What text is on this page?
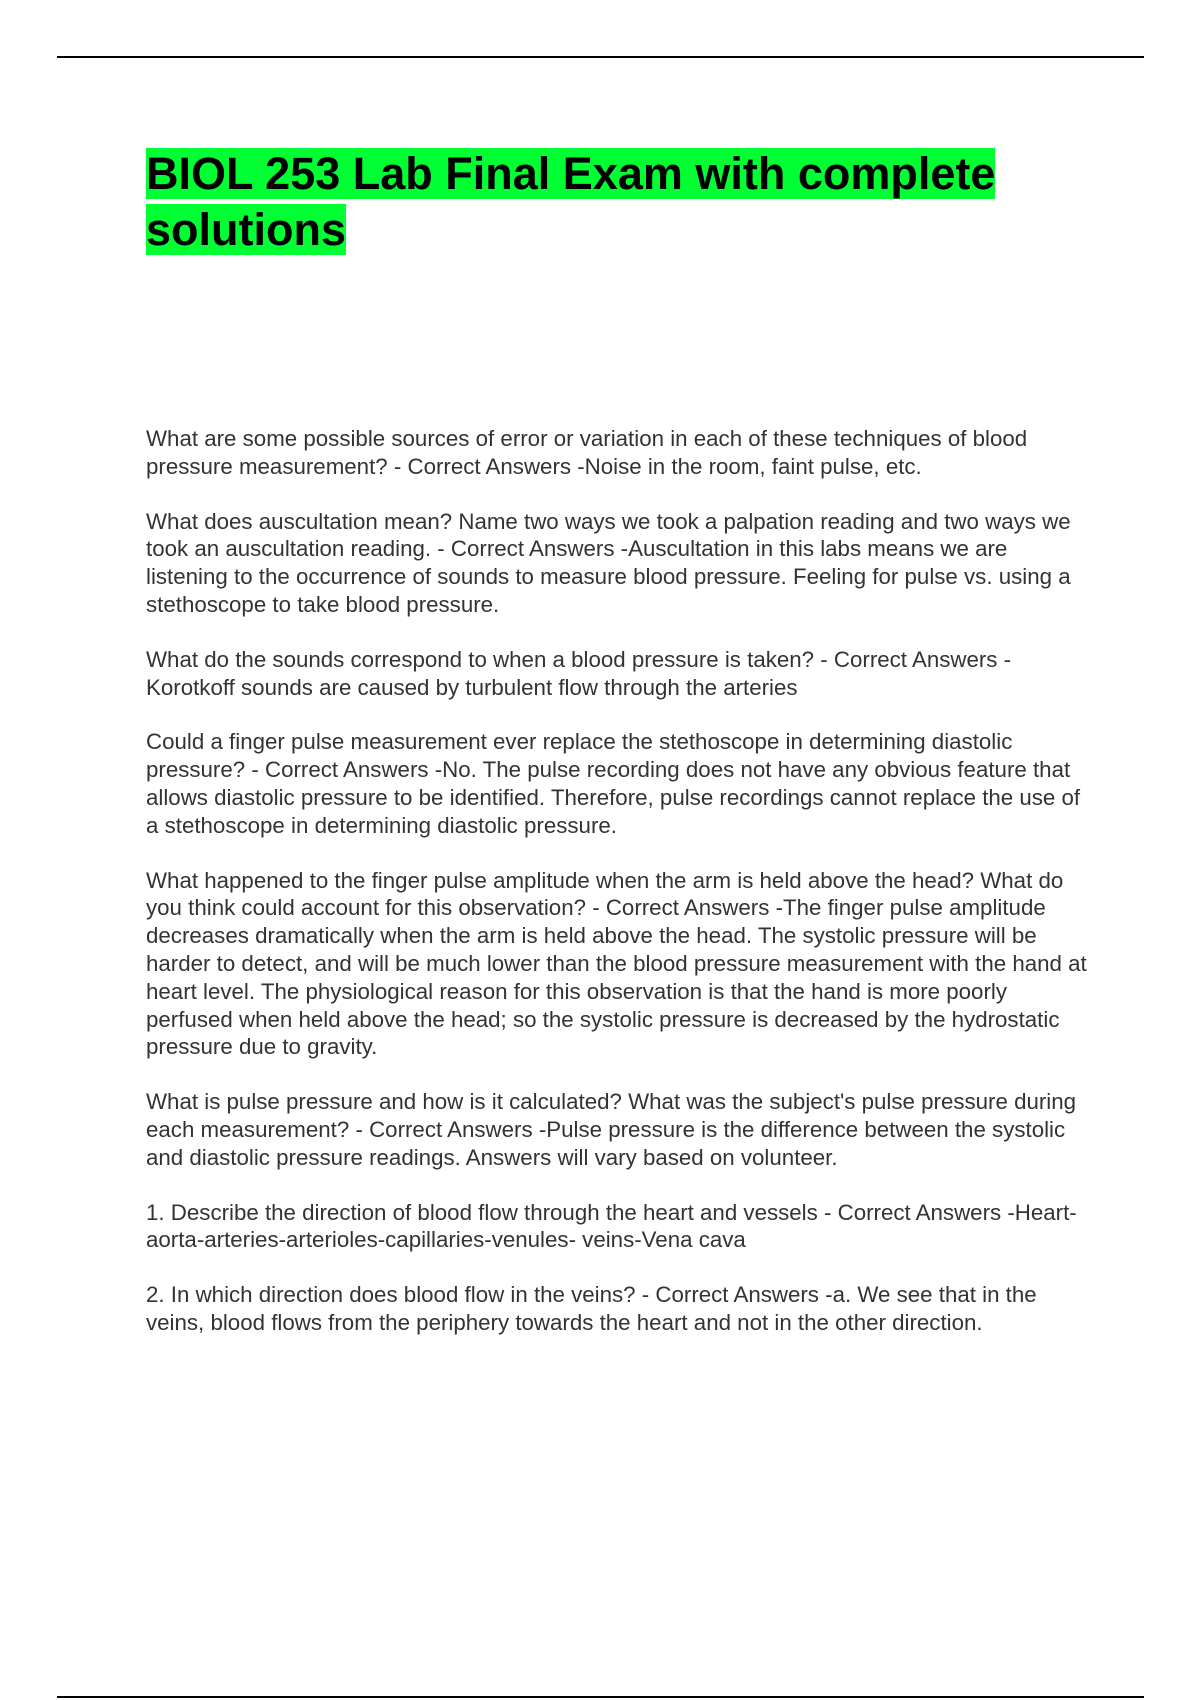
BIOL 253 Lab Final Exam with complete solutions

What are some possible sources of error or variation in each of these techniques of blood pressure measurement? - Correct Answers -Noise in the room, faint pulse, etc.

What does auscultation mean? Name two ways we took a palpation reading and two ways we took an auscultation reading. - Correct Answers -Auscultation in this labs means we are listening to the occurrence of sounds to measure blood pressure. Feeling for pulse vs. using a stethoscope to take blood pressure.

What do the sounds correspond to when a blood pressure is taken? - Correct Answers - Korotkoff sounds are caused by turbulent flow through the arteries

Could a finger pulse measurement ever replace the stethoscope in determining diastolic pressure? - Correct Answers -No. The pulse recording does not have any obvious feature that allows diastolic pressure to be identified. Therefore, pulse recordings cannot replace the use of a stethoscope in determining diastolic pressure.

What happened to the finger pulse amplitude when the arm is held above the head? What do you think could account for this observation? - Correct Answers -The finger pulse amplitude decreases dramatically when the arm is held above the head. The systolic pressure will be harder to detect, and will be much lower than the blood pressure measurement with the hand at heart level. The physiological reason for this observation is that the hand is more poorly perfused when held above the head; so the systolic pressure is decreased by the hydrostatic pressure due to gravity.

What is pulse pressure and how is it calculated? What was the subject's pulse pressure during each measurement? - Correct Answers -Pulse pressure is the difference between the systolic and diastolic pressure readings. Answers will vary based on volunteer.

1. Describe the direction of blood flow through the heart and vessels - Correct Answers -Heart-aorta-arteries-arterioles-capillaries-venules- veins-Vena cava

2. In which direction does blood flow in the veins? - Correct Answers -a. We see that in the veins, blood flows from the periphery towards the heart and not in the other direction.
